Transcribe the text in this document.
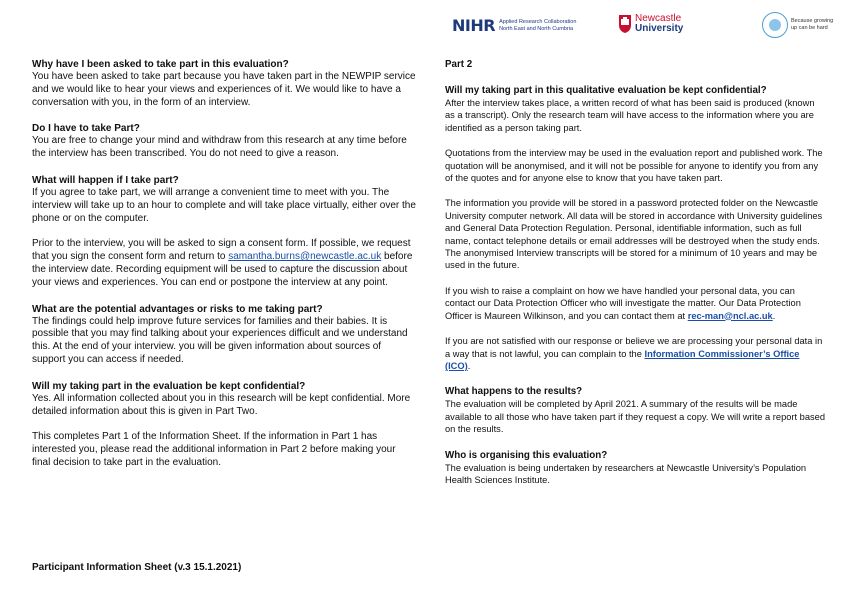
NIHR Applied Research Collaboration
North East and North Cumbria
Newcastle
University
Because growing
up can be hard
Why have I been asked to take part in this evaluation?

You have been asked to take part because you have taken part in the NEWPIP service and we would like to hear your views and experiences of it. We would like to have a conversation with you, in the form of an interview.

Do I have to take Part?

You are free to change your mind and withdraw from this research at any time before the interview has been transcribed. You do not need to give a reason.

What will happen if I take part?

If you agree to take part, we will arrange a convenient time to meet with you. The interview will take up to an hour to complete and will take place virtually, either over the phone or on the computer.

Prior to the interview, you will be asked to sign a consent form. If possible, we request that you sign the consent form and return to samantha.burns@newcastle.ac.uk before the interview date. Recording equipment will be used to capture the discussion about your views and experiences. You can end or postpone the interview at any point.

What are the potential advantages or risks to me taking part?

The findings could help improve future services for families and their babies. It is possible that you may find talking about your experiences difficult and we understand this. At the end of your interview. you will be given information about sources of support you can access if needed.

Will my taking part in the evaluation be kept confidential?

Yes. All information collected about you in this research will be kept confidential. More detailed information about this is given in Part Two.

This completes Part 1 of the Information Sheet. If the information in Part 1 has interested you, please read the additional information in Part 2 before making your final decision to take part in the evaluation.

Part 2
Will my taking part in this qualitative evaluation be kept confidential?

After the interview takes place, a written record of what has been said is produced (known as a transcript). Only the research team will have access to the information where you are identified as a person taking part.

Quotations from the interview may be used in the evaluation report and published work. The quotation will be anonymised, and it will not be possible for anyone to identify you from any of the quotes and for anyone else to know that you have taken part.

The information you provide will be stored in a password protected folder on the Newcastle University computer network. All data will be stored in accordance with University guidelines and General Data Protection Regulation. Personal, identifiable information, such as full name, contact telephone details or email addresses will be destroyed when the study ends. The anonymised Interview transcripts will be stored for a minimum of 10 years and may be used in the future.

If you wish to raise a complaint on how we have handled your personal data, you can contact our Data Protection Officer who will investigate the matter. Our Data Protection Officer is Maureen Wilkinson, and you can contact them at rec-man@ncl.ac.uk.

If you are not satisfied with our response or believe we are processing your personal data in a way that is not lawful, you can complain to the Information Commissioner’s Office (ICO).

What happens to the results?

The evaluation will be completed by April 2021. A summary of the results will be made available to all those who have taken part if they request a copy. We will write a report based on the results.

Who is organising this evaluation?

The evaluation is being undertaken by researchers at Newcastle University’s Population Health Sciences Institute.

Participant Information Sheet (v.3 15.1.2021)
